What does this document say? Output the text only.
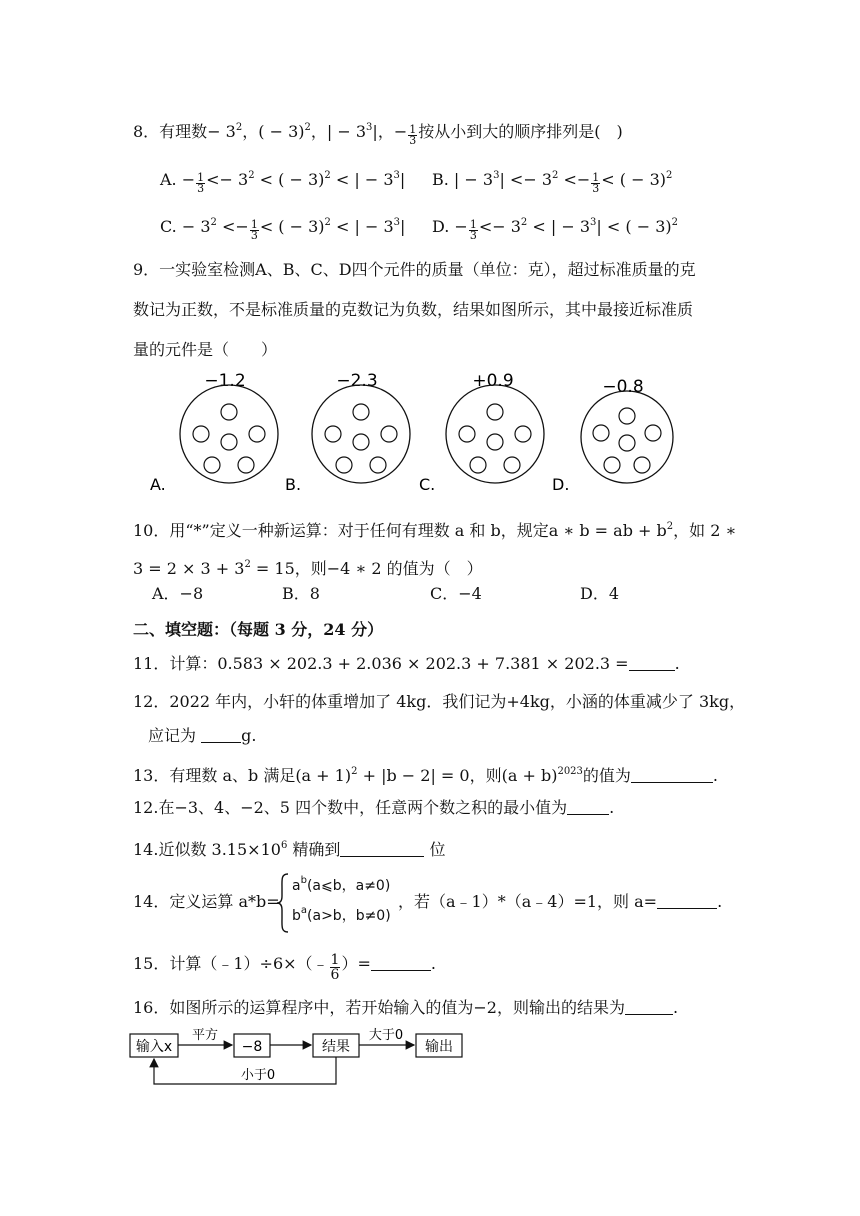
8．有理数− $3^2$，( − 3)$^2$，| − $3^3|$，− $\frac{1}{3}$ 按从小到大的顺序排列是(　)
A. − $\frac{1}{3} <- 3^2$ < ( − 3)$^2$ < | − $3^3|$ B. | − $3^3| <- 3^2 <- \frac{1}{3}$ < ( − 3)$^2$
C. − $3^2 <- \frac{1}{3}$ < ( − 3)$^2$ < | − $3^3|$ D. − $\frac{1}{3} <- 3^2$ < | − $3^3|$ < ( − 3)$^2$
9．一实验室检测A、B、C、D四个元件的质量（单位：克），超过标准质量的克
数记为正数，不是标准质量的克数记为负数，结果如图所示，其中最接近标准质
量的元件是（　　）
−1.2
A.
−2.3
B.
+0.9
C.
−0.8
D.
10．用“*”定义一种新运算：对于任何有理数 a 和 b，规定a ∗ b = ab + $b^2$，如 2 ∗
$3 = 2 \times 3 + 3^2 = 15$，则−4 ∗ 2 的值为（　）
A．−8	B．8	C．−4	D．4
二、填空题：（每题 3 分，24 分）
11．计算：0.583 × 202.3 + 2.036 × 202.3 + 7.381 × 202.3 =	.
12．2022 年内，小轩的体重增加了 4kg．我们记为+4kg，小涵的体重减少了 3kg，
应记为	g.
13．有理数 a、b 满足$(a + 1)^2 + |b - 2| = 0$，则$(a + b)^{2023}$的值为	.
12.在−3、4、−2、5 四个数中，任意两个数之积的最小值为	.
14.近似数 $3.15\times 10^6$ 精确到	位
14．定义运算 a*b=
$a^b(a⩽b$，a≠0)
$b^a(a>b$，b≠0)
，若（a﹣1）*（a﹣4）=1，则 a=	.
15．计算（﹣1）÷6×（﹣ $\frac{1}{6}$ ）=	.
16．如图所示的运算程序中，若开始输入的值为−2，则输出的结果为	.
输入x
平方
−8	结果
大于0
输出
小于0
